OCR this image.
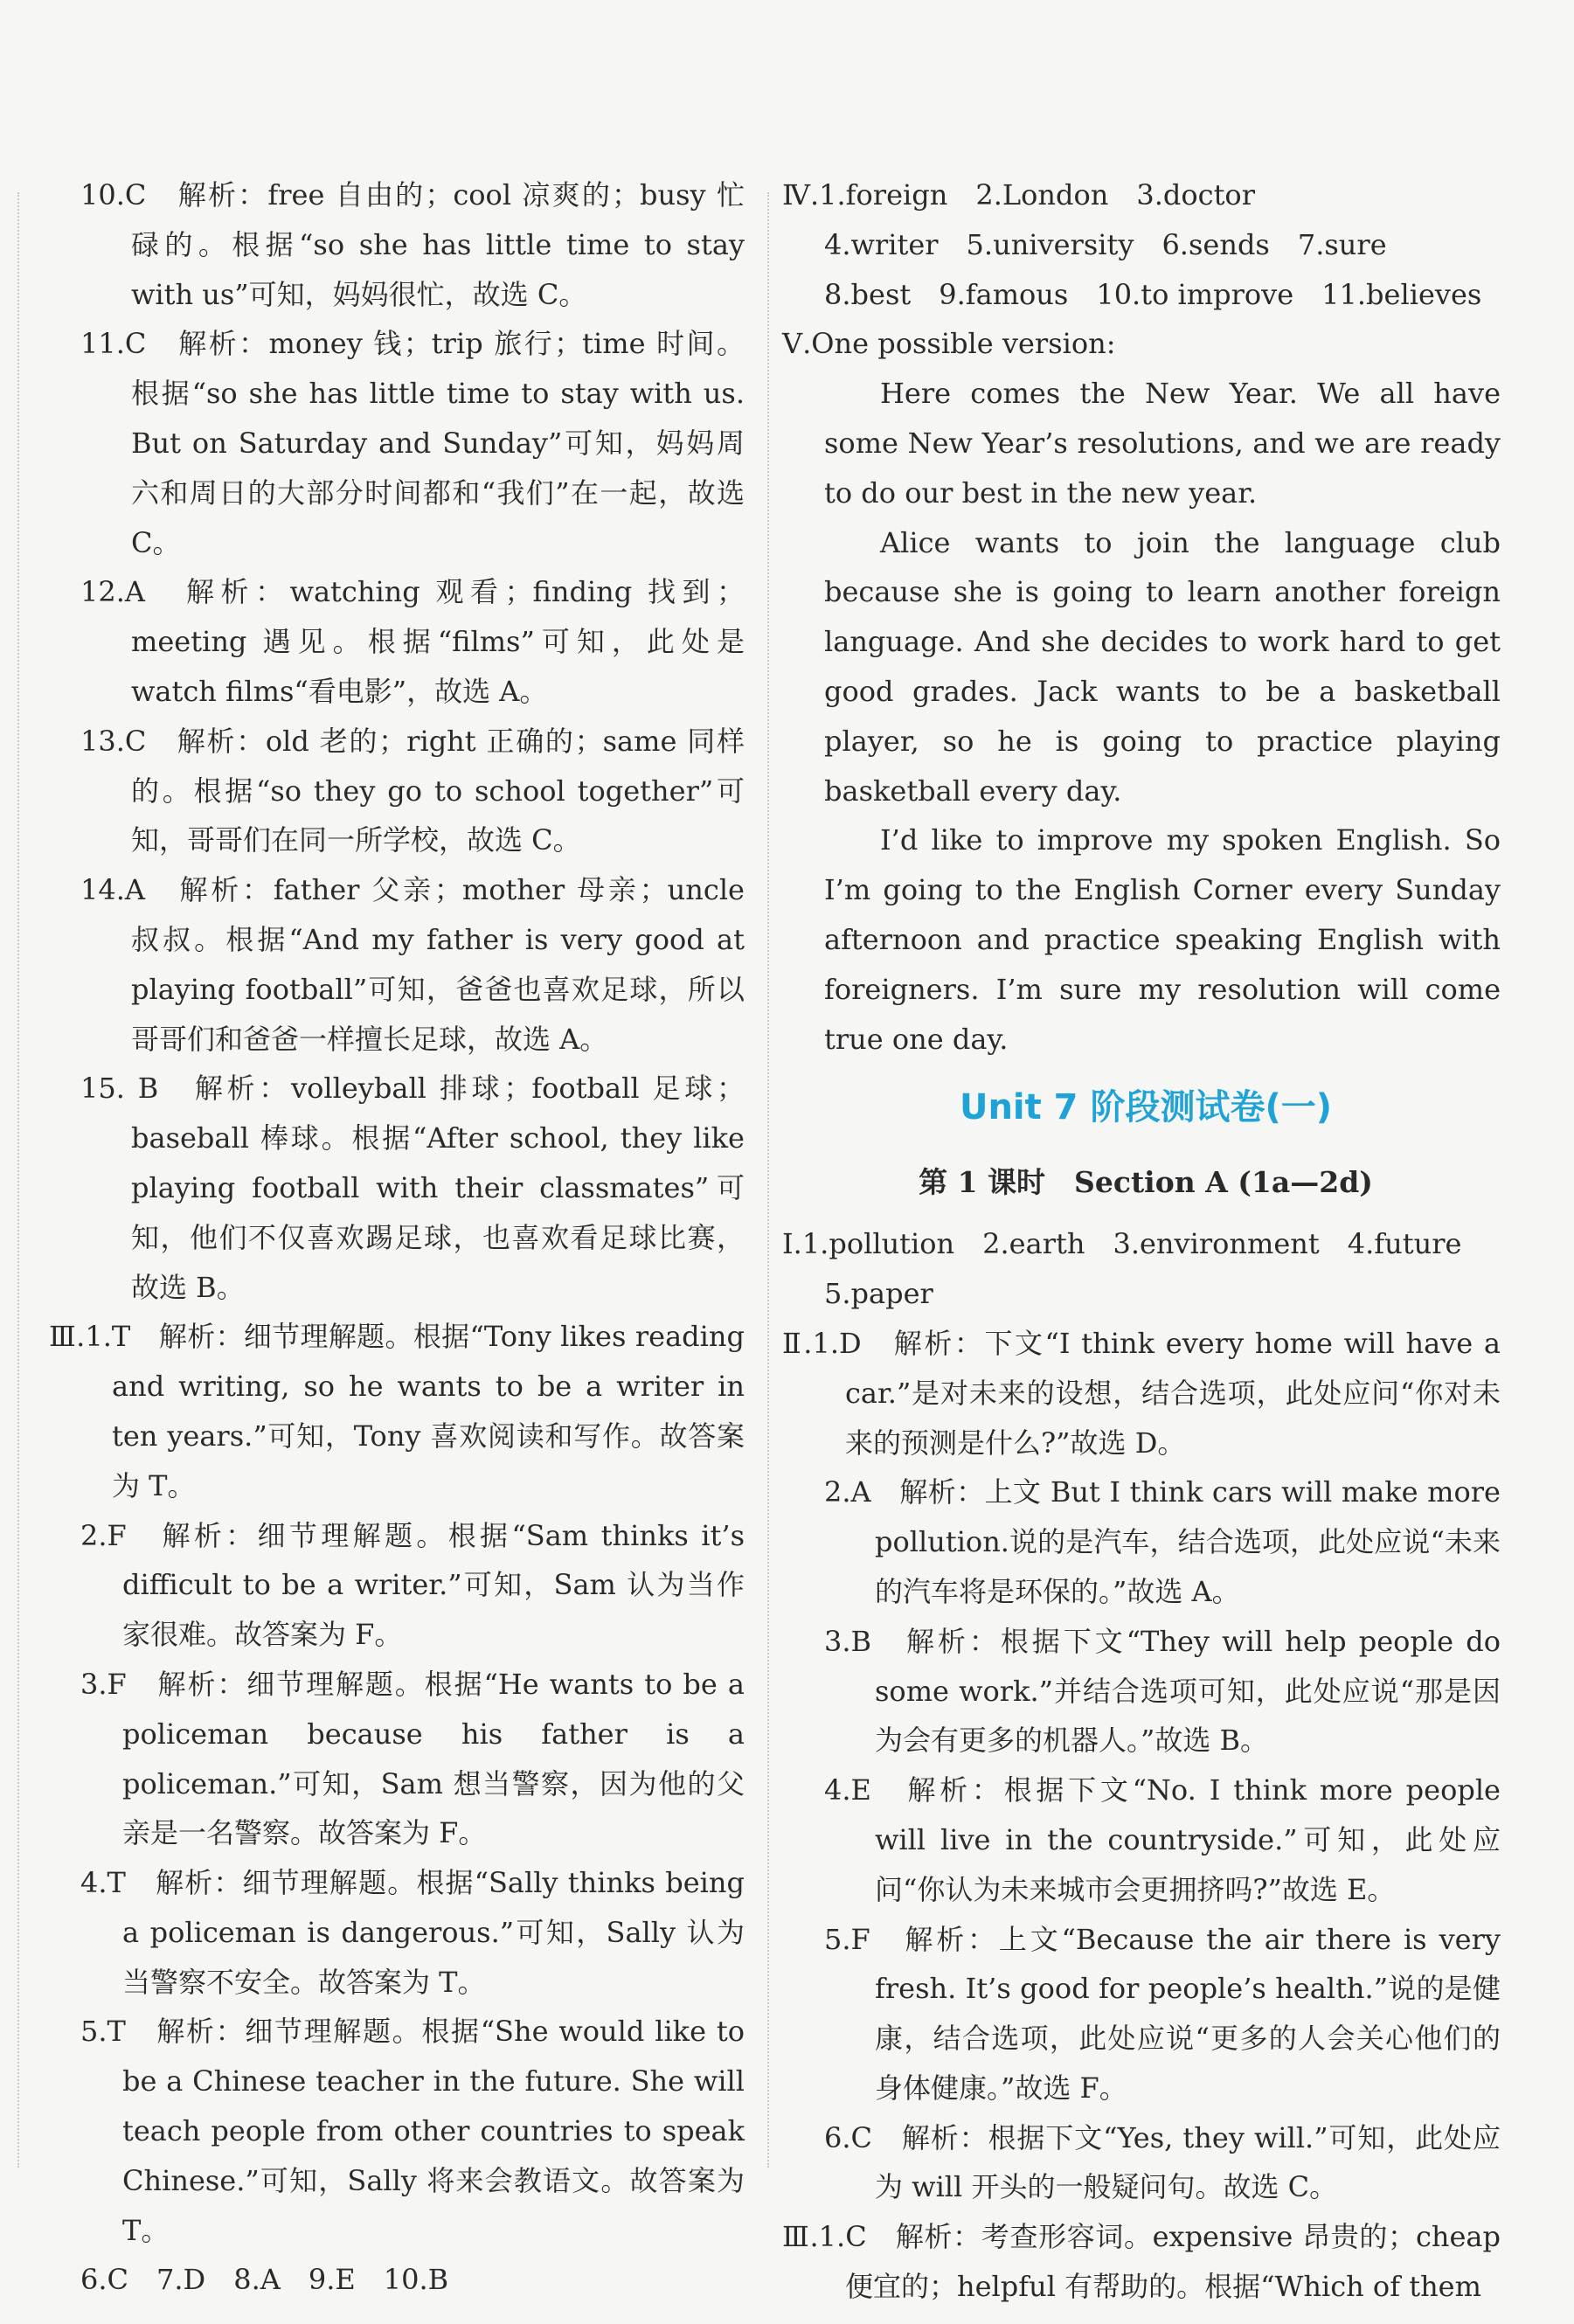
10.C　解析：free 自由的；cool 凉爽的；busy 忙碌的。根据“so she has little time to stay with us”可知，妈妈很忙，故选 C。

11.C　解析：money 钱；trip 旅行；time 时间。根据“so she has little time to stay with us. But on Saturday and Sunday”可知，妈妈周六和周日的大部分时间都和“我们”在一起，故选 C。

12.A　解析：watching 观看；finding 找到；meeting 遇见。根据“films”可知，此处是 watch films“看电影”，故选 A。

13.C　解析：old 老的；right 正确的；same 同样的。根据“so they go to school together”可知，哥哥们在同一所学校，故选 C。

14.A　解析：father 父亲；mother 母亲；uncle 叔叔。根据“And my father is very good at playing football”可知，爸爸也喜欢足球，所以哥哥们和爸爸一样擅长足球，故选 A。

15. B　解析：volleyball 排球；football 足球；baseball 棒球。根据“After school, they like playing football with their classmates”可知，他们不仅喜欢踢足球，也喜欢看足球比赛，故选 B。

Ⅲ.1.T　解析：细节理解题。根据“Tony likes reading and writing, so he wants to be a writer in ten years.”可知，Tony 喜欢阅读和写作。故答案为 T。

2.F　解析：细节理解题。根据“Sam thinks it’s difficult to be a writer.”可知，Sam 认为当作家很难。故答案为 F。

3.F　解析：细节理解题。根据“He wants to be a policeman because his father is a policeman.”可知，Sam 想当警察，因为他的父亲是一名警察。故答案为 F。

4.T　解析：细节理解题。根据“Sally thinks being a policeman is dangerous.”可知，Sally 认为当警察不安全。故答案为 T。

5.T　解析：细节理解题。根据“She would like to be a Chinese teacher in the future. She will teach people from other countries to speak Chinese.”可知，Sally 将来会教语文。故答案为 T。

6.C　7.D　8.A　9.E　10.B

Ⅳ.1.foreign　2.London　3.doctor

4.writer　5.university　6.sends　7.sure

8.best　9.famous　10.to improve　11.believes

Ⅴ.One possible version:

Here comes the New Year. We all have some New Year’s resolutions, and we are ready to do our best in the new year.

Alice wants to join the language club because she is going to learn another foreign language. And she decides to work hard to get good grades. Jack wants to be a basketball player, so he is going to practice playing basketball every day.

I’d like to improve my spoken English. So I’m going to the English Corner every Sunday afternoon and practice speaking English with foreigners. I’m sure my resolution will come true one day.

Unit 7 阶段测试卷(一)

第 1 课时　Section A (1a—2d)

Ⅰ.1.pollution　2.earth　3.environment　4.future

5.paper

Ⅱ.1.D　解析：下文“I think every home will have a car.”是对未来的设想，结合选项，此处应问“你对未来的预测是什么?”故选 D。

2.A　解析：上文 But I think cars will make more pollution.说的是汽车，结合选项，此处应说“未来的汽车将是环保的。”故选 A。

3.B　解析：根据下文“They will help people do some work.”并结合选项可知，此处应说“那是因为会有更多的机器人。”故选 B。

4.E　解析：根据下文“No. I think more people will live in the countryside.”可知，此处应问“你认为未来城市会更拥挤吗?”故选 E。

5.F　解析：上文“Because the air there is very fresh. It’s good for people’s health.”说的是健康，结合选项，此处应说“更多的人会关心他们的身体健康。”故选 F。

6.C　解析：根据下文“Yes, they will.”可知，此处应为 will 开头的一般疑问句。故选 C。

Ⅲ.1.C　解析：考查形容词。expensive 昂贵的；cheap 便宜的；helpful 有帮助的。根据“Which of them
